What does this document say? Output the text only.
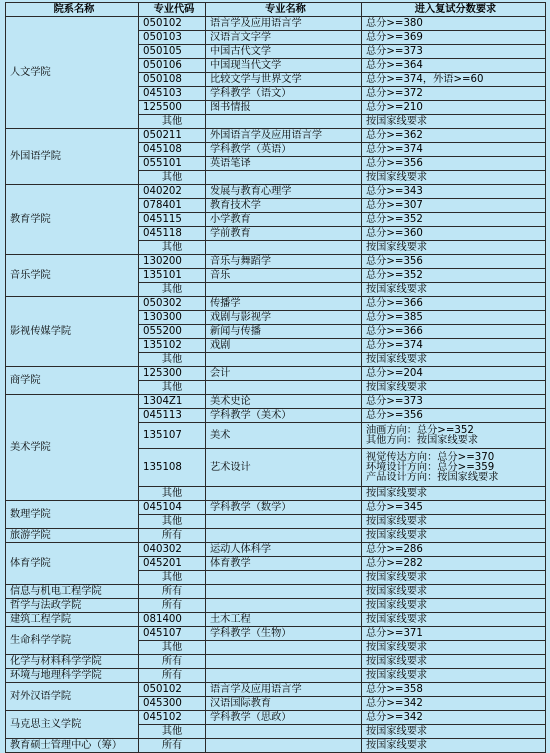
院系名称	专业代码	专业名称	进入复试分数要求
人文学院	050102	语言学及应用语言学	总分>=380

	050103	汉语言文字学	总分>=369

	050105	中国古代文学	总分>=373

	050106	中国现当代文学	总分>=364

	050108	比较文学与世界文学	总分>=374，外语>=60

	045103	学科教学（语文）	总分>=372

	125500	图书情报	总分>=210

	其他		按国家线要求

外国语学院	050211	外国语言学及应用语言学	总分>=362

	045108	学科教学（英语）	总分>=374

	055101	英语笔译	总分>=356

	其他		按国家线要求

教育学院	040202	发展与教育心理学	总分>=343

	078401	教育技术学	总分>=307

	045115	小学教育	总分>=352

	045118	学前教育	总分>=360

	其他		按国家线要求

音乐学院	130200	音乐与舞蹈学	总分>=356

	135101	音乐	总分>=352

	其他		按国家线要求

影视传媒学院	050302	传播学	总分>=366

	130300	戏剧与影视学	总分>=385

	055200	新闻与传播	总分>=366

	135102	戏剧	总分>=374

	其他		按国家线要求

商学院	125300	会计	总分>=204

	其他		按国家线要求

美术学院	1304Z1	美术史论	总分>=373

	045113	学科教学（美术）	总分>=356

	135107	美术	油画方向：总分>=352
其他方向：按国家线要求

	135108	艺术设计	视觉传达方向：总分>=370
环境设计方向：总分>=359
产品设计方向：按国家线要求

	其他		按国家线要求

数理学院	045104	学科教学（数学）	总分>=345

	其他		按国家线要求

旅游学院	所有		按国家线要求

体育学院	040302	运动人体科学	总分>=286

	045201	体育教学	总分>=282

	其他		按国家线要求

信息与机电工程学院	所有		按国家线要求

哲学与法政学院	所有		按国家线要求

建筑工程学院	081400	土木工程	按国家线要求

生命科学学院	045107	学科教学（生物）	总分>=371

	其他		按国家线要求

化学与材料科学学院	所有		按国家线要求

环境与地理科学学院	所有		按国家线要求

对外汉语学院	050102	语言学及应用语言学	总分>=358

	045300	汉语国际教育	总分>=342

马克思主义学院	045102	学科教学（思政）	总分>=342

	其他		按国家线要求

教育硕士管理中心（筹）	所有		按国家线要求
